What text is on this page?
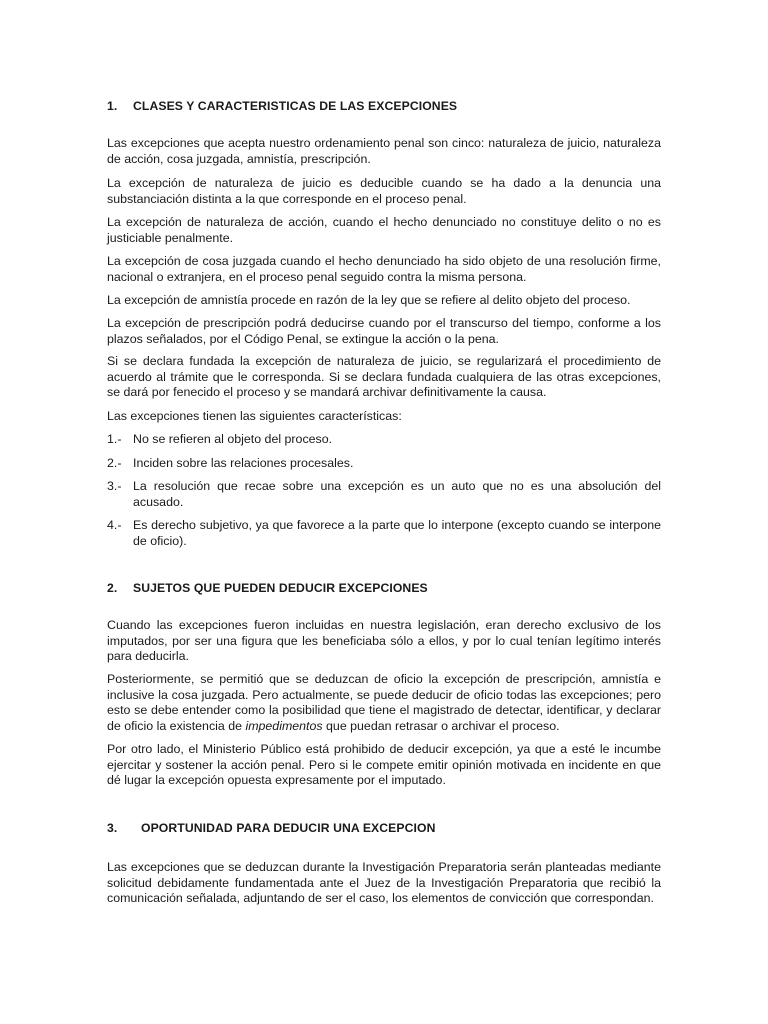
1. CLASES Y CARACTERISTICAS DE LAS EXCEPCIONES

Las excepciones que acepta nuestro ordenamiento penal son cinco: naturaleza de juicio, naturaleza de acción, cosa juzgada, amnistía, prescripción.

La excepción de naturaleza de juicio es deducible cuando se ha dado a la denuncia una substanciación distinta a la que corresponde en el proceso penal.

La excepción de naturaleza de acción, cuando el hecho denunciado no constituye delito o no es justiciable penalmente.

La excepción de cosa juzgada cuando el hecho denunciado ha sido objeto de una resolución firme, nacional o extranjera, en el proceso penal seguido contra la misma persona.

La excepción de amnistía procede en razón de la ley que se refiere al delito objeto del proceso.

La excepción de prescripción podrá deducirse cuando por el transcurso del tiempo, conforme a los plazos señalados, por el Código Penal, se extingue la acción o la pena.

Si se declara fundada la excepción de naturaleza de juicio, se regularizará el procedimiento de acuerdo al trámite que le corresponda. Si se declara fundada cualquiera de las otras excepciones, se dará por fenecido el proceso y se mandará archivar definitivamente la causa.

Las excepciones tienen las siguientes características:

1.- No se refieren al objeto del proceso.
2.- Inciden sobre las relaciones procesales.
3.- La resolución que recae sobre una excepción es un auto que no es una absolución del acusado.
4.- Es derecho subjetivo, ya que favorece a la parte que lo interpone (excepto cuando se interpone de oficio).
2. SUJETOS QUE PUEDEN DEDUCIR EXCEPCIONES

Cuando las excepciones fueron incluidas en nuestra legislación, eran derecho exclusivo de los imputados, por ser una figura que les beneficiaba sólo a ellos, y por lo cual tenían legítimo interés para deducirla.

Posteriormente, se permitió que se deduzcan de oficio la excepción de prescripción, amnistía e inclusive la cosa juzgada. Pero actualmente, se puede deducir de oficio todas las excepciones; pero esto se debe entender como la posibilidad que tiene el magistrado de detectar, identificar, y declarar de oficio la existencia de impedimentos que puedan retrasar o archivar el proceso.

Por otro lado, el Ministerio Público está prohibido de deducir excepción, ya que a esté le incumbe ejercitar y sostener la acción penal. Pero si le compete emitir opinión motivada en incidente en que dé lugar la excepción opuesta expresamente por el imputado.

3. OPORTUNIDAD PARA DEDUCIR UNA EXCEPCION

Las excepciones que se deduzcan durante la Investigación Preparatoria serán planteadas mediante solicitud debidamente fundamentada ante el Juez de la Investigación Preparatoria que recibió la comunicación señalada, adjuntando de ser el caso, los elementos de convicción que correspondan.
